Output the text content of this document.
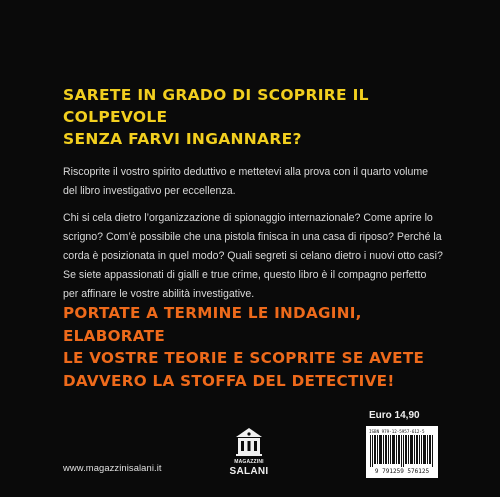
SARETE IN GRADO DI SCOPRIRE IL COLPEVOLE
SENZA FARVI INGANNARE?
Riscoprite il vostro spirito deduttivo e mettetevi alla prova con il quarto volume del libro investigativo per eccellenza.
Chi si cela dietro l’organizzazione di spionaggio internazionale? Come aprire lo scrigno? Com’è possibile che una pistola finisca in una casa di riposo? Perché la corda è posizionata in quel modo? Quali segreti si celano dietro i nuovi otto casi? Se siete appassionati di gialli e true crime, questo libro è il compagno perfetto per affinare le vostre abilità investigative.
PORTATE A TERMINE LE INDAGINI, ELABORATE
LE VOSTRE TEORIE E SCOPRITE SE AVETE
DAVVERO LA STOFFA DEL DETECTIVE!
Euro 14,90
ISBN 979-12-5957-612-5
9 791259 576125
www.magazzinisalani.it	MAGAZZINI
SALANI
